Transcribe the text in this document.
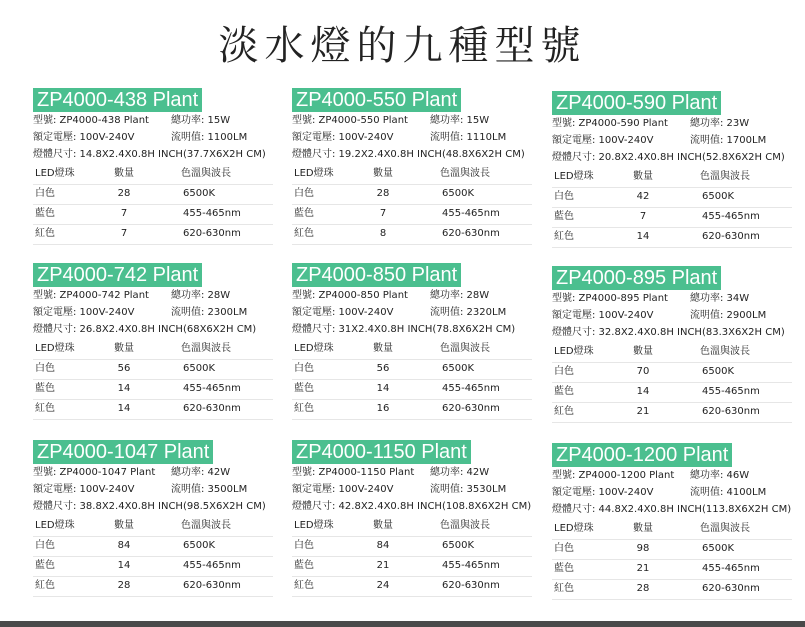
淡水燈的九種型號
ZP4000-438 Plant
型號: ZP4000-438 Plant 總功率: 15W
額定電壓: 100V-240V	流明值: 1100LM
燈體尺寸: 14.8X2.4X0.8H INCH(37.7X6X2H CM)
LED燈珠	數量	色溫與波長
白色	28	6500K
藍色	7	455-465nm
紅色	7	620-630nm
ZP4000-550 Plant
型號: ZP4000-550 Plant 總功率: 15W
額定電壓: 100V-240V	流明值: 1110LM
燈體尺寸: 19.2X2.4X0.8H INCH(48.8X6X2H CM)
LED燈珠	數量	色溫與波長
白色	28	6500K
藍色	7	455-465nm
紅色	8	620-630nm
ZP4000-590 Plant
型號: ZP4000-590 Plant 總功率: 23W
額定電壓: 100V-240V	流明值: 1700LM
燈體尺寸: 20.8X2.4X0.8H INCH(52.8X6X2H CM)
LED燈珠	數量	色溫與波長
白色	42	6500K
藍色	7	455-465nm
紅色	14	620-630nm
ZP4000-742 Plant
型號: ZP4000-742 Plant 總功率: 28W
額定電壓: 100V-240V	流明值: 2300LM
燈體尺寸: 26.8X2.4X0.8H INCH(68X6X2H CM)
LED燈珠	數量	色溫與波長
白色	56	6500K
藍色	14	455-465nm
紅色	14	620-630nm
ZP4000-850 Plant
型號: ZP4000-850 Plant 總功率: 28W
額定電壓: 100V-240V	流明值: 2320LM
燈體尺寸: 31X2.4X0.8H INCH(78.8X6X2H CM)
LED燈珠	數量	色溫與波長
白色	56	6500K
藍色	14	455-465nm
紅色	16	620-630nm
ZP4000-895 Plant
型號: ZP4000-895 Plant 總功率: 34W
額定電壓: 100V-240V	流明值: 2900LM
燈體尺寸: 32.8X2.4X0.8H INCH(83.3X6X2H CM)
LED燈珠	數量	色溫與波長
白色	70	6500K
藍色	14	455-465nm
紅色	21	620-630nm
ZP4000-1047 Plant
型號: ZP4000-1047 Plant 總功率: 42W
額定電壓: 100V-240V	流明值: 3500LM
燈體尺寸: 38.8X2.4X0.8H INCH(98.5X6X2H CM)
LED燈珠	數量	色溫與波長
白色	84	6500K
藍色	14	455-465nm
紅色	28	620-630nm
ZP4000-1150 Plant
型號: ZP4000-1150 Plant 總功率: 42W
額定電壓: 100V-240V	流明值: 3530LM
燈體尺寸: 42.8X2.4X0.8H INCH(108.8X6X2H CM)
LED燈珠	數量	色溫與波長
白色	84	6500K
藍色	21	455-465nm
紅色	24	620-630nm
ZP4000-1200 Plant
型號: ZP4000-1200 Plant 總功率: 46W
額定電壓: 100V-240V	流明值: 4100LM
燈體尺寸: 44.8X2.4X0.8H INCH(113.8X6X2H CM)
LED燈珠	數量	色溫與波長
白色	98	6500K
藍色	21	455-465nm
紅色	28	620-630nm
